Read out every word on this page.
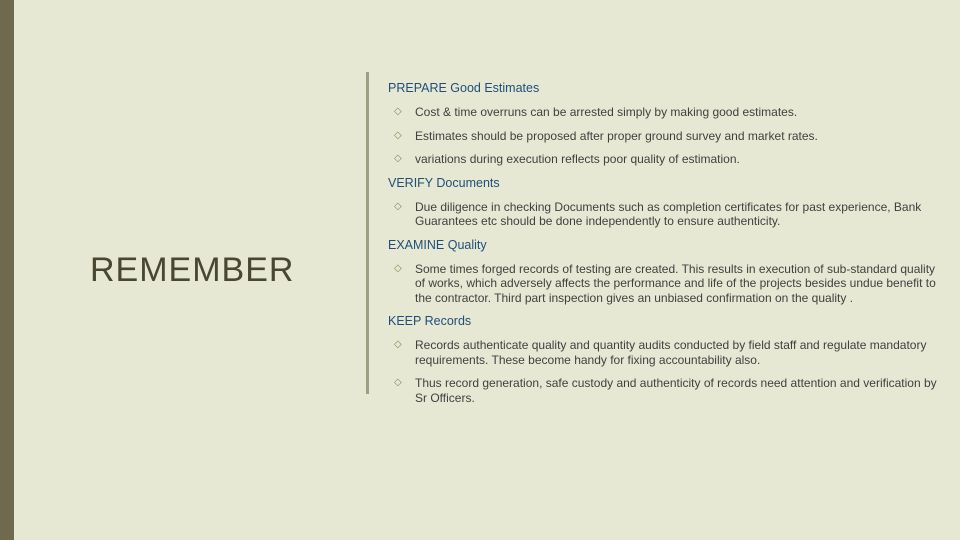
REMEMBER

PREPARE Good Estimates

◇ Cost & time overruns can be arrested simply by making good estimates.
◇ Estimates should be proposed after proper ground survey and market rates.
◇ variations during execution reflects poor quality of estimation.

VERIFY Documents

◇ Due diligence in checking Documents such as completion certificates for past experience, Bank Guarantees etc should be done independently to ensure authenticity.

EXAMINE Quality

◇ Some times forged records of testing are created. This results in execution of sub-standard quality of works, which adversely affects the performance and life of the projects besides undue benefit to the contractor. Third part inspection gives an unbiased confirmation on the quality .

KEEP Records

◇ Records authenticate quality and quantity audits conducted by field staff and regulate mandatory requirements. These become handy for fixing accountability also.
◇ Thus record generation, safe custody and authenticity of records need attention and verification by Sr Officers.
